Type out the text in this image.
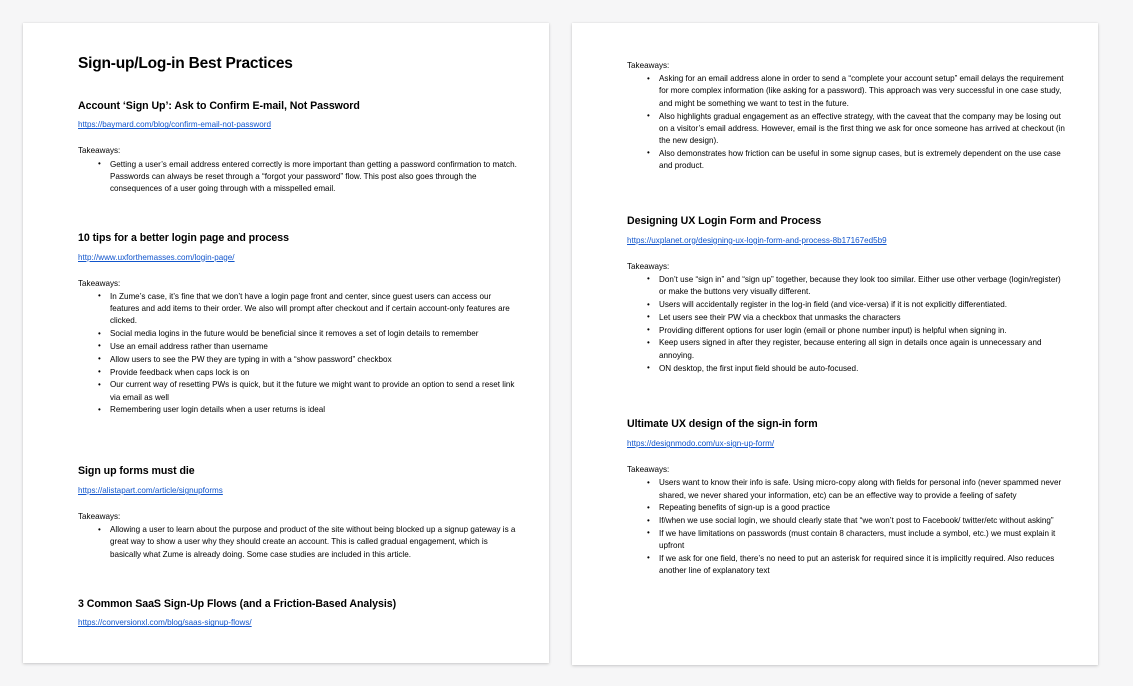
Sign-up/Log-in Best Practices
Account ‘Sign Up’: Ask to Confirm E-mail, Not Password
https://baymard.com/blog/confirm-email-not-password
Takeaways:
• Getting a user’s email address entered correctly is more important than getting a password confirmation to match. Passwords can always be reset through a “forgot your password” flow. This post also goes through the consequences of a user going through with a misspelled email.
10 tips for a better login page and process
http://www.uxforthemasses.com/login-page/
Takeaways:
• In Zume’s case, it’s fine that we don’t have a login page front and center, since guest users can access our features and add items to their order. We also will prompt after checkout and if certain account-only features are clicked.
• Social media logins in the future would be beneficial since it removes a set of login details to remember
• Use an email address rather than username
• Allow users to see the PW they are typing in with a “show password” checkbox
• Provide feedback when caps lock is on
• Our current way of resetting PWs is quick, but it the future we might want to provide an option to send a reset link via email as well
• Remembering user login details when a user returns is ideal
Sign up forms must die
https://alistapart.com/article/signupforms
Takeaways:
• Allowing a user to learn about the purpose and product of the site without being blocked up a signup gateway is a great way to show a user why they should create an account. This is called gradual engagement, which is basically what Zume is already doing. Some case studies are included in this article.
3 Common SaaS Sign-Up Flows (and a Friction-Based Analysis)
https://conversionxl.com/blog/saas-signup-flows/
Takeaways:
• Asking for an email address alone in order to send a “complete your account setup” email delays the requirement for more complex information (like asking for a password). This approach was very successful in one case study, and might be something we want to test in the future.
• Also highlights gradual engagement as an effective strategy, with the caveat that the company may be losing out on a visitor’s email address. However, email is the first thing we ask for once someone has arrived at checkout (in the new design).
• Also demonstrates how friction can be useful in some signup cases, but is extremely dependent on the use case and product.
Designing UX Login Form and Process
https://uxplanet.org/designing-ux-login-form-and-process-8b17167ed5b9
Takeaways:
• Don’t use “sign in” and “sign up” together, because they look too similar. Either use other verbage (login/register) or make the buttons very visually different.
• Users will accidentally register in the log-in field (and vice-versa) if it is not explicitly differentiated.
• Let users see their PW via a checkbox that unmasks the characters
• Providing different options for user login (email or phone number input) is helpful when signing in.
• Keep users signed in after they register, because entering all sign in details once again is unnecessary and annoying.
• ON desktop, the first input field should be auto-focused.
Ultimate UX design of the sign-in form
https://designmodo.com/ux-sign-up-form/
Takeaways:
• Users want to know their info is safe. Using micro-copy along with fields for personal info (never spammed never shared, we never shared your information, etc) can be an effective way to provide a feeling of safety
• Repeating benefits of sign-up is a good practice
• If/when we use social login, we should clearly state that “we won’t post to Facebook/ twitter/etc without asking”
• If we have limitations on passwords (must contain 8 characters, must include a symbol, etc.) we must explain it upfront
• If we ask for one field, there’s no need to put an asterisk for required since it is implicitly required. Also reduces another line of explanatory text
